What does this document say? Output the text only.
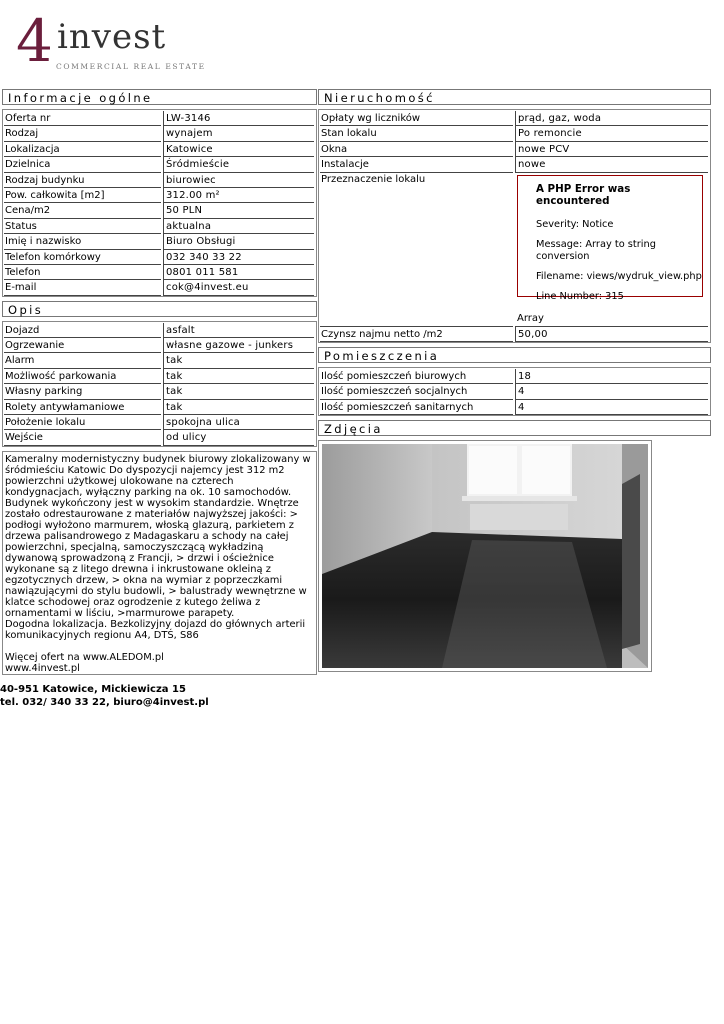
4 invest
COMMERCIAL REAL ESTATE
Informacje ogólne
Oferta nr	LW-3146
Rodzaj	wynajem
Lokalizacja	Katowice
Dzielnica	Śródmieście
Rodzaj budynku	biurowiec
Pow. całkowita [m2]	312.00 m²
Cena/m2	50 PLN
Status	aktualna
Imię i nazwisko	Biuro Obsługi
Telefon komórkowy	032 340 33 22
Telefon	0801 011 581
E-mail	cok@4invest.eu
Opis
Dojazd	asfalt
Ogrzewanie	własne gazowe - junkers
Alarm	tak
Możliwość parkowania	tak
Własny parking	tak
Rolety antywłamaniowe	tak
Położenie lokalu	spokojna ulica
Wejście	od ulicy

Kameralny modernistyczny budynek biurowy zlokalizowany w śródmieściu Katowic Do dyspozycji najemcy jest 312 m2 powierzchni użytkowej ulokowane na czterech kondygnacjach, wyłączny parking na ok. 10 samochodów. Budynek wykończony jest w wysokim standardzie. Wnętrze zostało odrestaurowane z materiałów najwyższej jakości: > podłogi wyłożono marmurem, włoską glazurą, parkietem z drzewa palisandrowego z Madagaskaru a schody na całej powierzchni, specjalną, samoczyszczącą wykładziną dywanową sprowadzoną z Francji, > drzwi i ościeżnice wykonane są z litego drewna i inkrustowane okleiną z egzotycznych drzew, > okna na wymiar z poprzeczkami nawiązującymi do stylu budowli, > balustrady wewnętrzne w klatce schodowej oraz ogrodzenie z kutego żeliwa z ornamentami w liściu, >marmurowe parapety.

Dogodna lokalizacja. Bezkolizyjny dojazd do głównych arterii komunikacyjnych regionu A4, DTŚ, S86

Więcej ofert na www.ALEDOM.pl

www.4invest.pl

Nieruchomość
Opłaty wg liczników	prąd, gaz, woda
Stan lokalu	Po remoncie
Okna	nowe PCV
Instalacje	nowe
Przeznaczenie lokalu

A PHP Error was encountered

Severity: Notice

Message: Array to string conversion

Filename: views/wydruk_view.php

Line Number: 315

Array
Czynsz najmu netto /m2	50,00
Pomieszczenia
Ilość pomieszczeń biurowych	18
Ilość pomieszczeń socjalnych	4
Ilość pomieszczeń sanitarnych	4
Zdjęcia
40-951 Katowice, Mickiewicza 15
tel. 032/ 340 33 22, biuro@4invest.pl
